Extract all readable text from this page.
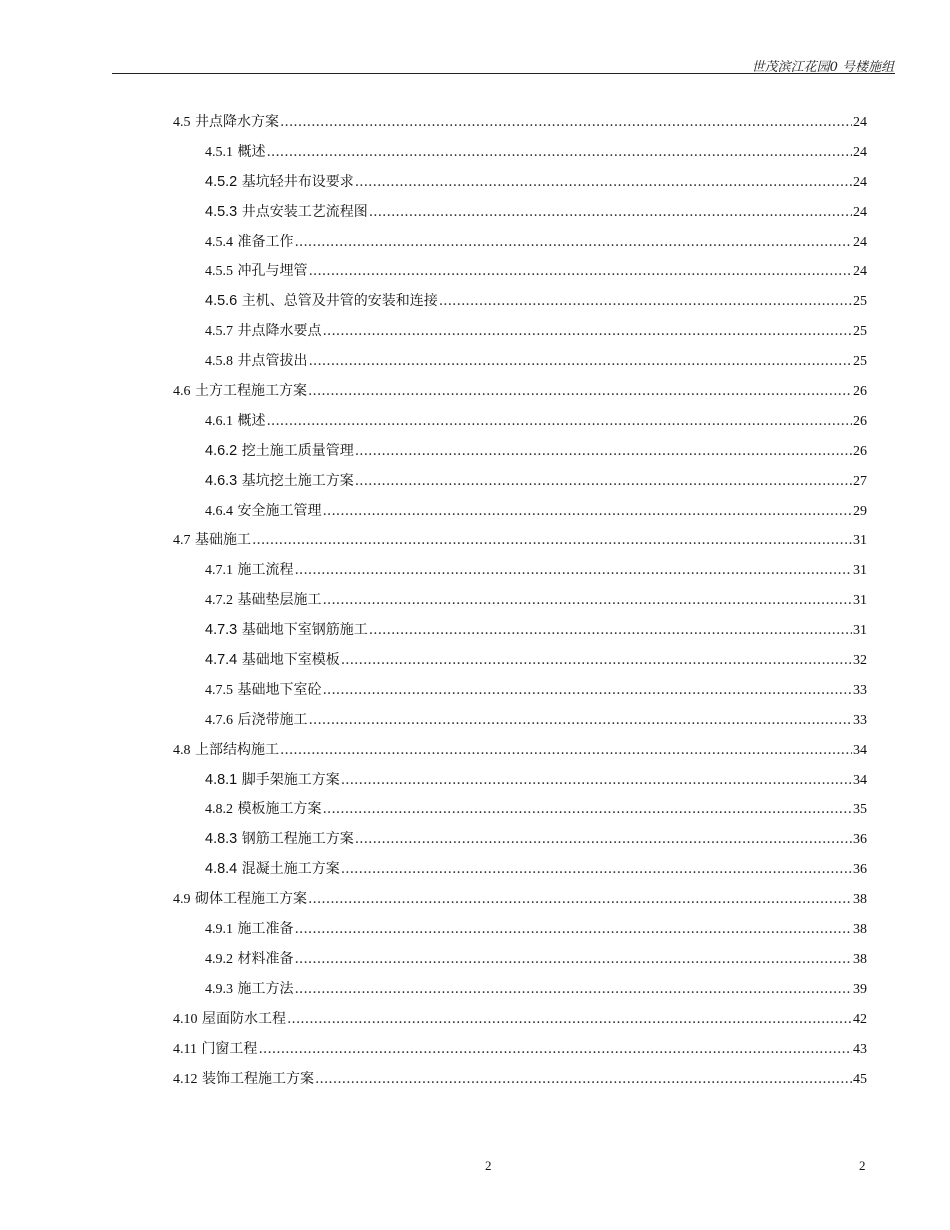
世茂滨江花园0 号楼施组
4.5 井点降水方案 .....	24
4.5.1 概述 .....	24
4.5.2 基坑轻井布设要求 .....	24
4.5.3 井点安装工艺流程图 .....	24
4.5.4 准备工作 .....	24
4.5.5 冲孔与埋管 .....	24
4.5.6 主机、总管及井管的安装和连接 .....	25
4.5.7 井点降水要点 .....	25
4.5.8 井点管拔出 .....	25
4.6 土方工程施工方案 .....	26
4.6.1 概述 .....	26
4.6.2 挖土施工质量管理 .....	26
4.6.3 基坑挖土施工方案 .....	27
4.6.4 安全施工管理 .....	29
4.7 基础施工 .....	31
4.7.1 施工流程 .....	31
4.7.2 基础垫层施工 .....	31
4.7.3 基础地下室钢筋施工 .....	31
4.7.4 基础地下室模板 .....	32
4.7.5 基础地下室砼 .....	33
4.7.6 后浇带施工 .....	33
4.8 上部结构施工 .....	34
4.8.1 脚手架施工方案 .....	34
4.8.2 模板施工方案 .....	35
4.8.3 钢筋工程施工方案 .....	36
4.8.4 混凝土施工方案 .....	36
4.9 砌体工程施工方案 .....	38
4.9.1 施工准备 .....	38
4.9.2 材料准备 .....	38
4.9.3 施工方法 .....	39
4.10 屋面防水工程 .....	42
4.11 门窗工程 .....	43
4.12 装饰工程施工方案 .....	45
2	2
